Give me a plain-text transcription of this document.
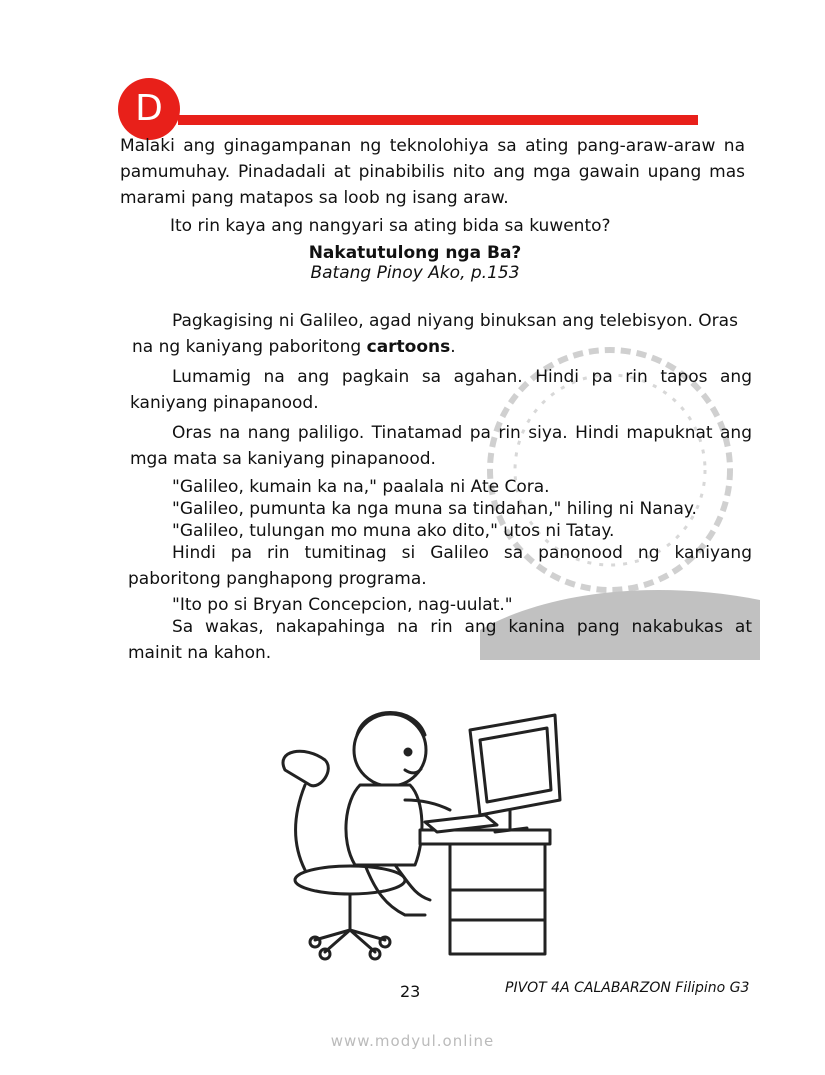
D

Malaki ang ginagampanan ng teknolohiya sa ating pang-araw-araw na pamumuhay. Pinadadali at pinabibilis nito ang mga gawain upang mas marami pang matapos sa loob ng isang araw.

Ito rin kaya ang nangyari sa ating bida sa kuwento?

Nakatutulong nga Ba?
Batang Pinoy Ako, p.153

Pagkagising ni Galileo, agad niyang binuksan ang telebisyon. Oras na ng kaniyang paboritong cartoons.

Lumamig na ang pagkain sa agahan. Hindi pa rin tapos ang kaniyang pinapanood.

Oras na nang paliligo. Tinatamad pa rin siya. Hindi mapuknat ang mga mata sa kaniyang pinapanood.

"Galileo, kumain ka na," paalala ni Ate Cora.

"Galileo, pumunta ka nga muna sa tindahan," hiling ni Nanay.

"Galileo, tulungan mo muna ako dito," utos ni Tatay.

Hindi pa rin tumitinag si Galileo sa panonood ng kaniyang paboritong panghapong programa.

"Ito po si Bryan Concepcion, nag-uulat."

Sa wakas, nakapahinga na rin ang kanina pang nakabukas at mainit na kahon.

23	PIVOT 4A CALABARZON Filipino G3
www.modyul.online
